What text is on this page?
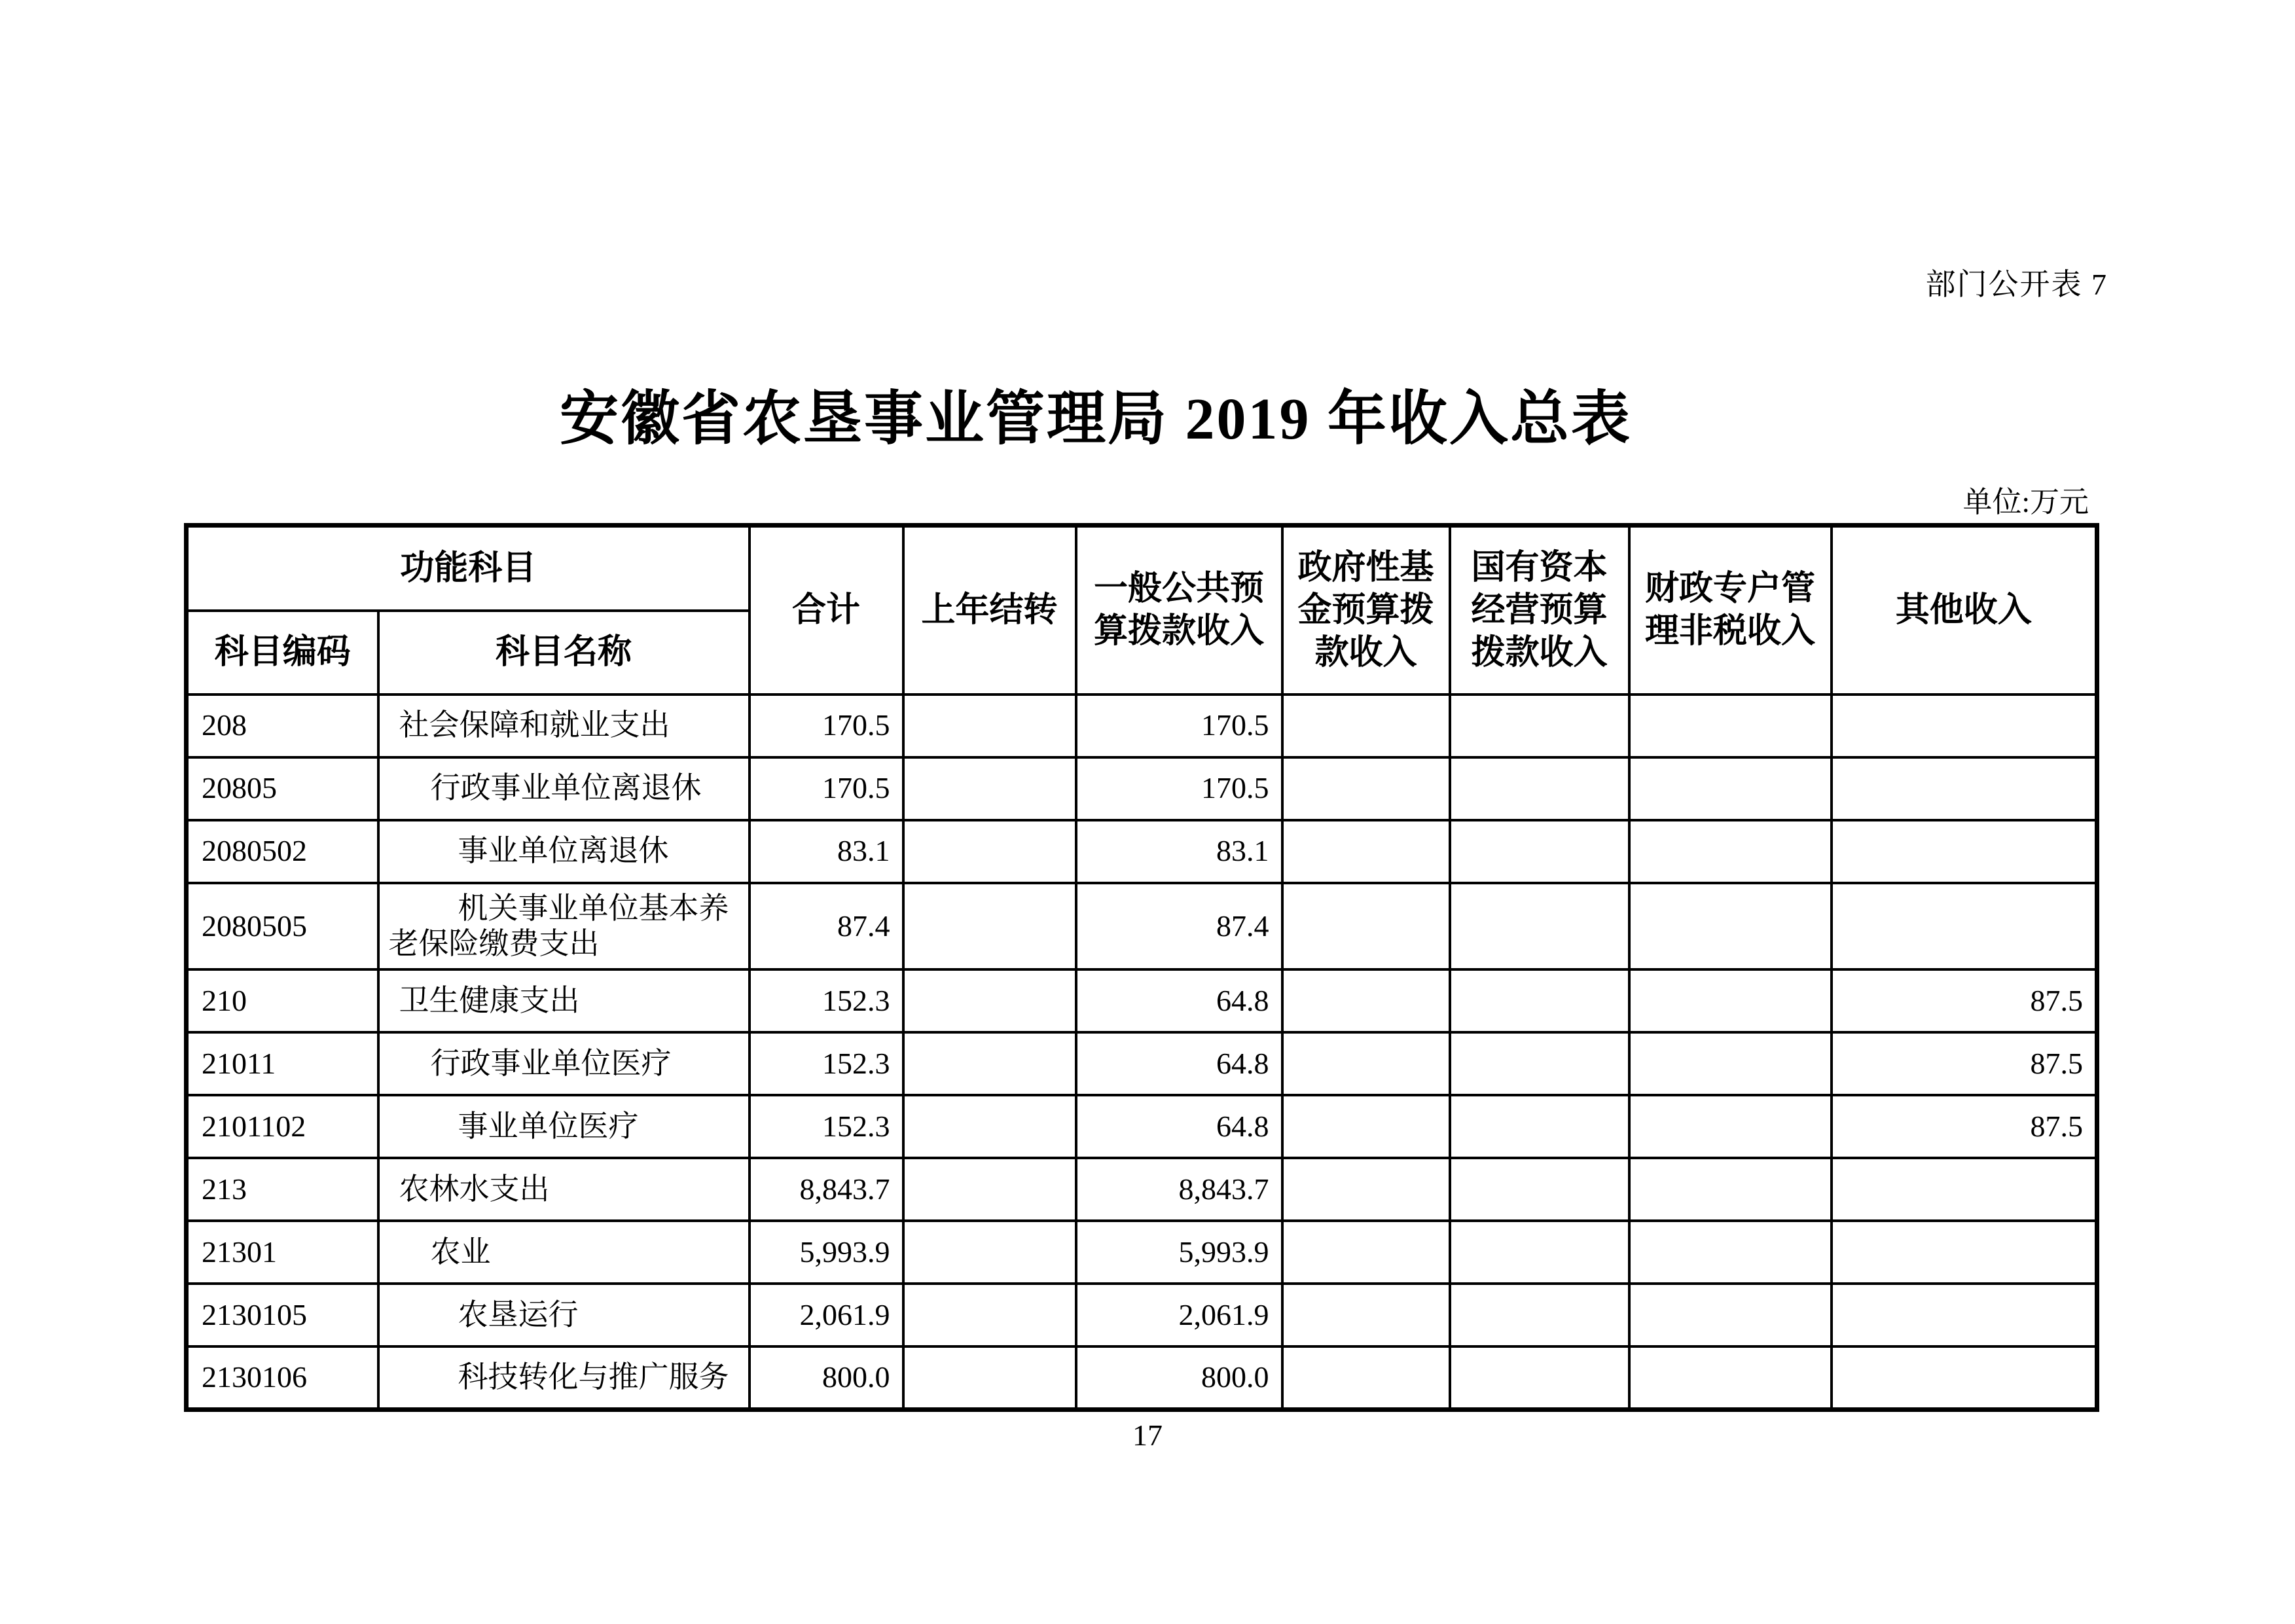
部门公开表 7
安徽省农垦事业管理局 2019 年收入总表
单位:万元
功能科目		合计	上年结转	一般公共预算拨款收入	政府性基金预算拨款收入	国有资本经营预算拨款收入	财政专户管理非税收入	其他收入
科目编码	科目名称							
208	社会保障和就业支出	170.5		170.5				
20805	行政事业单位离退休	170.5		170.5				
2080502	事业单位离退休	83.1		83.1				
2080505	机关事业单位基本养老保险缴费支出	87.4		87.4				
210	卫生健康支出	152.3		64.8				87.5
21011	行政事业单位医疗	152.3		64.8				87.5
2101102	事业单位医疗	152.3		64.8				87.5
213	农林水支出	8,843.7		8,843.7				
21301	农业	5,993.9		5,993.9				
2130105	农垦运行	2,061.9		2,061.9				
2130106	科技转化与推广服务	800.0		800.0				
17
